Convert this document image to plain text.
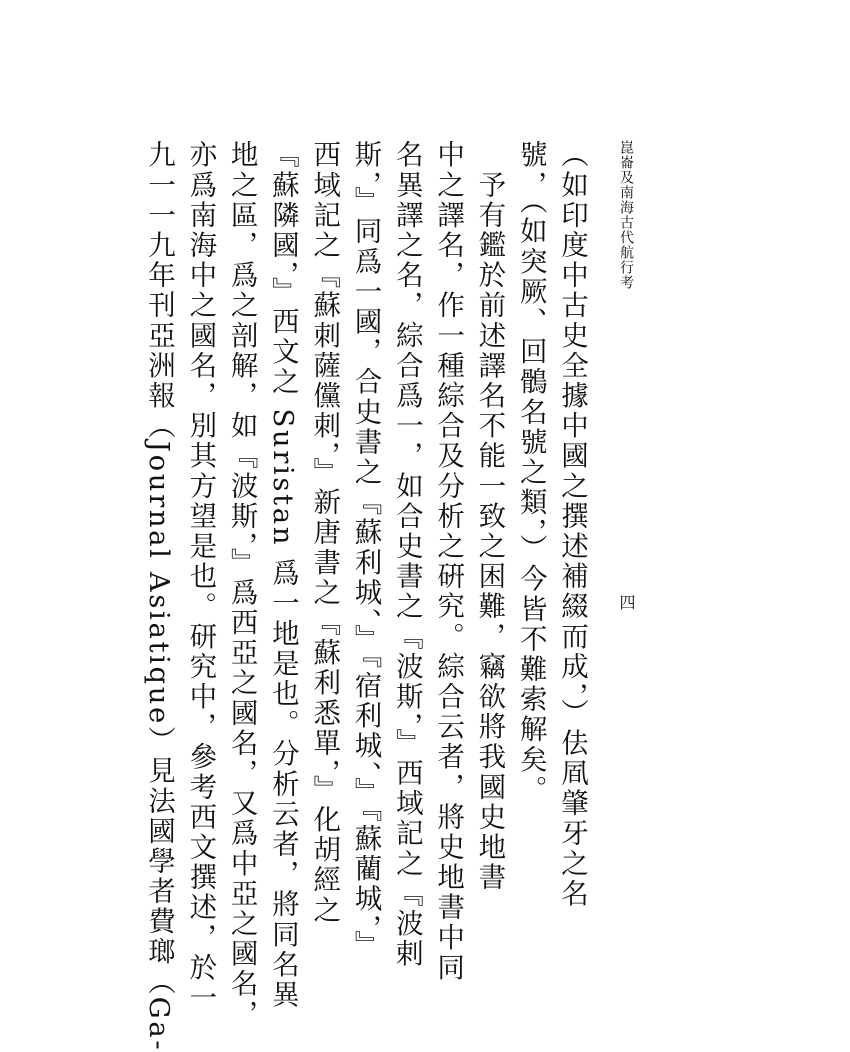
崑崙及南海古代航行考
四
（如印度中古史全據中國之撰述補綴而成，）佉凮肇牙之名
號，（如突厥、回鶻名號之類，）今皆不難索解矣。
　予有鑑於前述譯名不能一致之困難，竊欲將我國史地書
中之譯名，作一種綜合及分析之硏究。綜合云者，將史地書中同
名異譯之名，綜合爲一，如合史書之『波斯，』西域記之『波剌
斯，』同爲一國，合史書之『蘇利城、』『宿利城、』『蘇藺城，』
西域記之『蘇刺薩儻刺，』新唐書之『蘇利悉單，』化胡經之
『蘇隣國，』西文之 Suristan 爲一地是也。分析云者，將同名異
地之區，爲之剖解，如『波斯，』爲西亞之國名，又爲中亞之國名，
亦爲南海中之國名，別其方望是也。研究中，參考西文撰述，於一
九一一九年刊亞洲報（Journal Asiatique）見法國學者費瑯（Ga-
